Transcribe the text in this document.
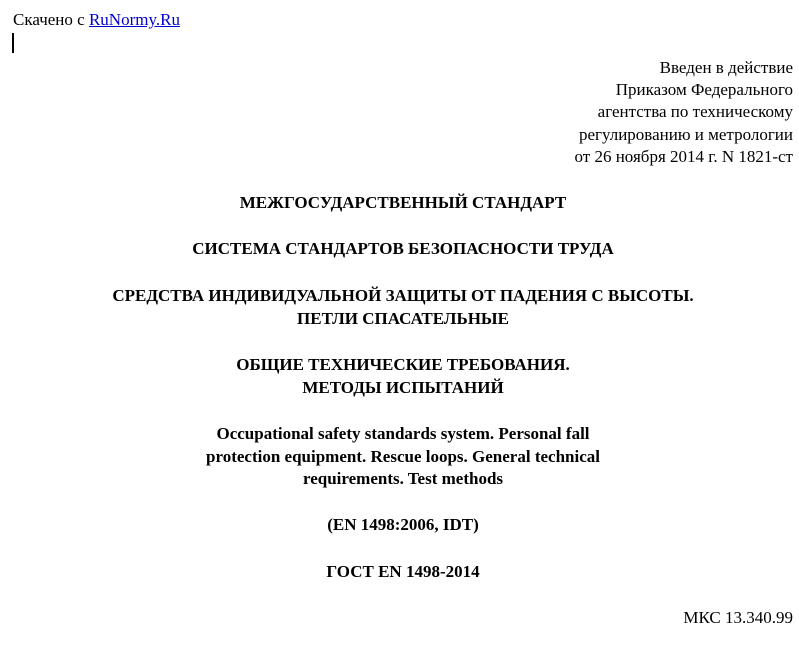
Скачено с RuNormy.Ru
Введен в действие
Приказом Федерального
агентства по техническому
регулированию и метрологии
от 26 ноября 2014 г. N 1821-ст
МЕЖГОСУДАРСТВЕННЫЙ СТАНДАРТ
СИСТЕМА СТАНДАРТОВ БЕЗОПАСНОСТИ ТРУДА
СРЕДСТВА ИНДИВИДУАЛЬНОЙ ЗАЩИТЫ ОТ ПАДЕНИЯ С ВЫСОТЫ.
ПЕТЛИ СПАСАТЕЛЬНЫЕ
ОБЩИЕ ТЕХНИЧЕСКИЕ ТРЕБОВАНИЯ.
МЕТОДЫ ИСПЫТАНИЙ
Occupational safety standards system. Personal fall
protection equipment. Rescue loops. General technical
requirements. Test methods
(EN 1498:2006, IDT)
ГОСТ EN 1498-2014
МКС 13.340.99
